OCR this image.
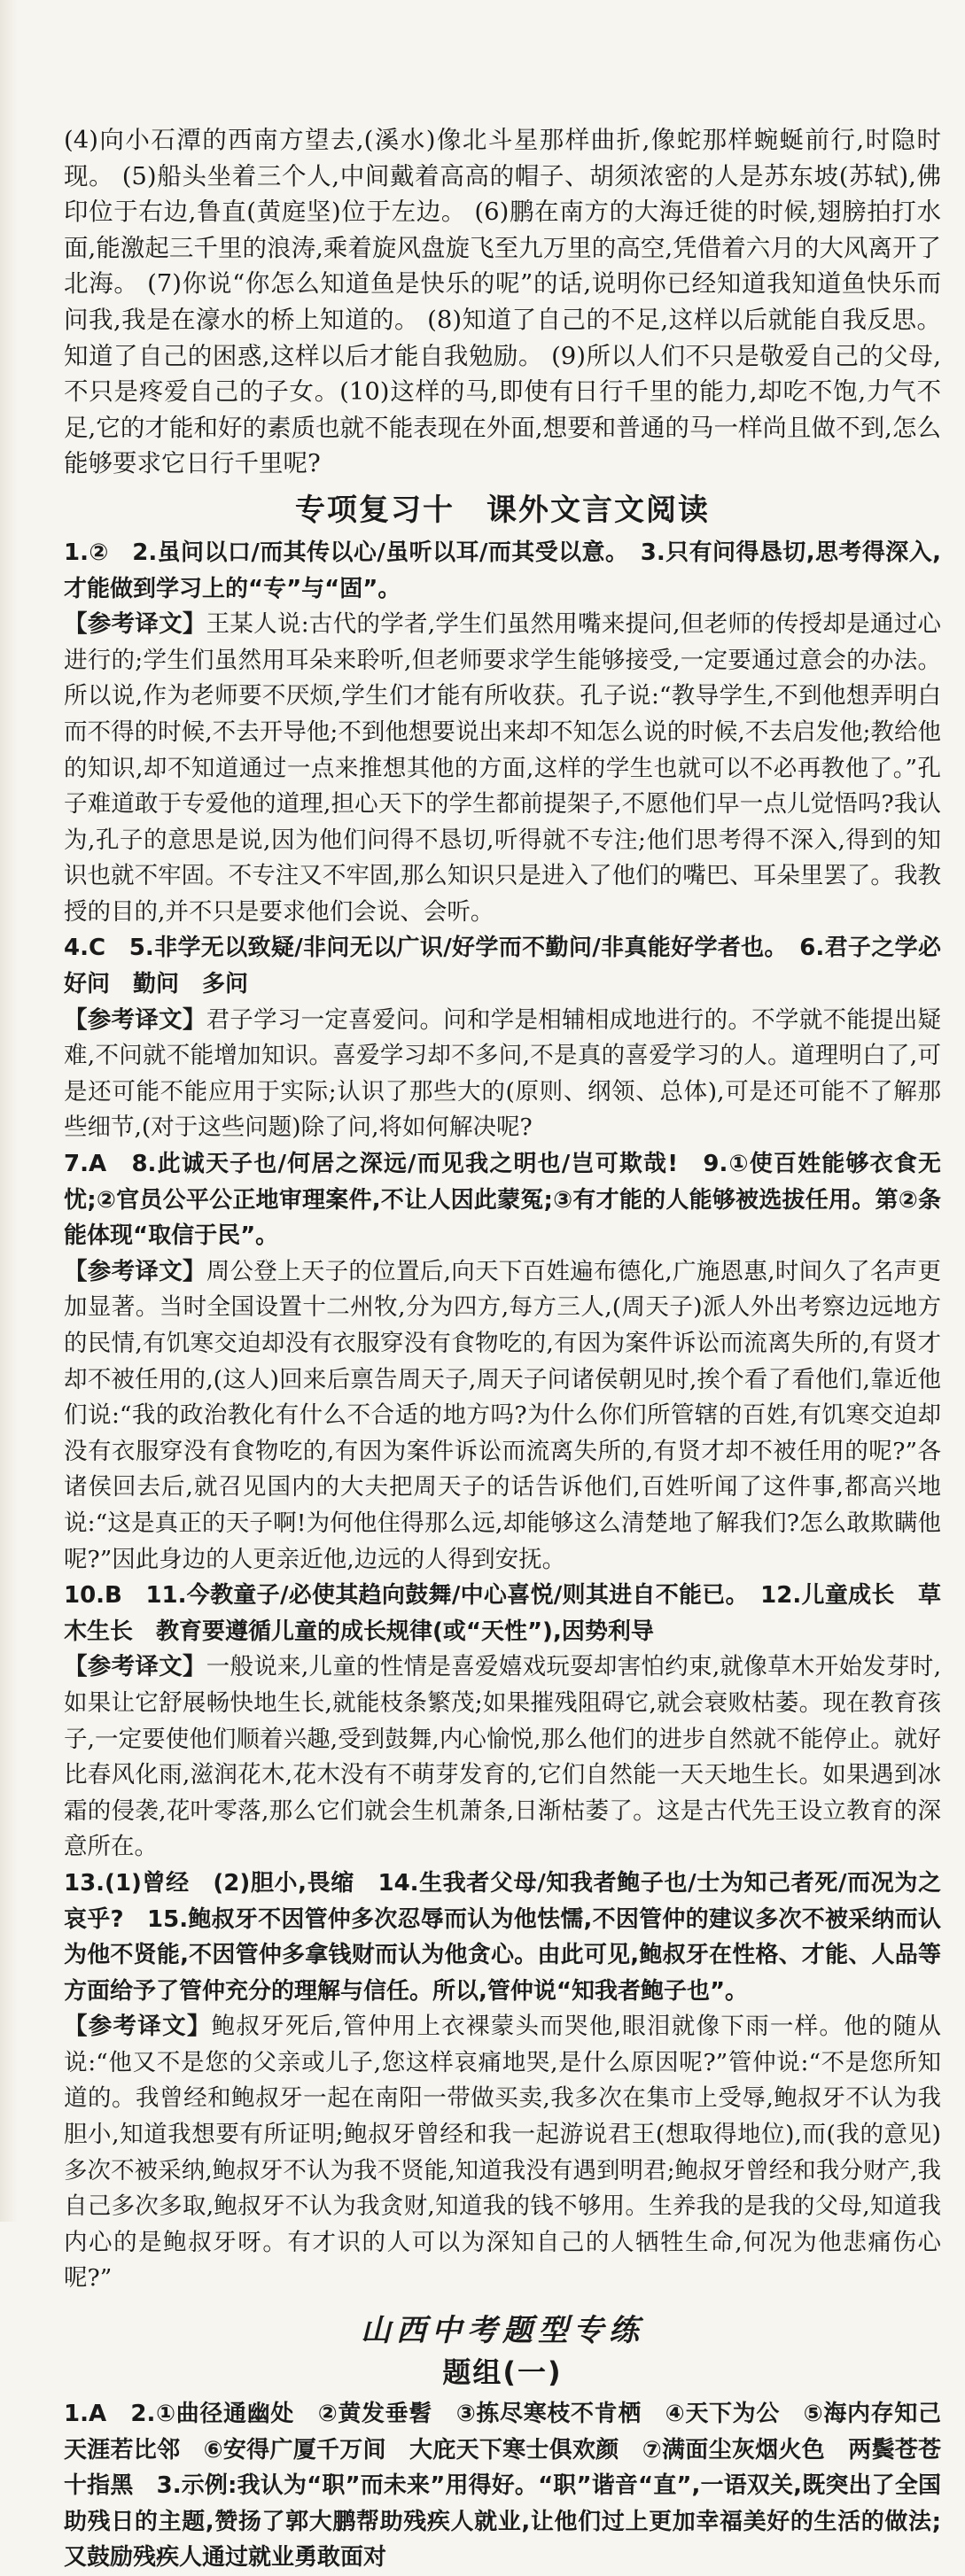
(4)向小石潭的西南方望去,(溪水)像北斗星那样曲折,像蛇那样蜿蜒前行,时隐时现。 (5)船头坐着三个人,中间戴着高高的帽子、胡须浓密的人是苏东坡(苏轼),佛印位于右边,鲁直(黄庭坚)位于左边。 (6)鹏在南方的大海迁徙的时候,翅膀拍打水面,能激起三千里的浪涛,乘着旋风盘旋飞至九万里的高空,凭借着六月的大风离开了北海。 (7)你说“你怎么知道鱼是快乐的呢”的话,说明你已经知道我知道鱼快乐而问我,我是在濠水的桥上知道的。 (8)知道了自己的不足,这样以后就能自我反思。知道了自己的困惑,这样以后才能自我勉励。 (9)所以人们不只是敬爱自己的父母,不只是疼爱自己的子女。(10)这样的马,即使有日行千里的能力,却吃不饱,力气不足,它的才能和好的素质也就不能表现在外面,想要和普通的马一样尚且做不到,怎么能够要求它日行千里呢?

专项复习十　课外文言文阅读

1.②　2.虽问以口/而其传以心/虽听以耳/而其受以意。　3.只有问得恳切,思考得深入,才能做到学习上的“专”与“固”。

【参考译文】王某人说:古代的学者,学生们虽然用嘴来提问,但老师的传授却是通过心进行的;学生们虽然用耳朵来聆听,但老师要求学生能够接受,一定要通过意会的办法。所以说,作为老师要不厌烦,学生们才能有所收获。孔子说:“教导学生,不到他想弄明白而不得的时候,不去开导他;不到他想要说出来却不知怎么说的时候,不去启发他;教给他的知识,却不知道通过一点来推想其他的方面,这样的学生也就可以不必再教他了。”孔子难道敢于专爱他的道理,担心天下的学生都前提架子,不愿他们早一点儿觉悟吗?我认为,孔子的意思是说,因为他们问得不恳切,听得就不专注;他们思考得不深入,得到的知识也就不牢固。不专注又不牢固,那么知识只是进入了他们的嘴巴、耳朵里罢了。我教授的目的,并不只是要求他们会说、会听。

4.C　5.非学无以致疑/非问无以广识/好学而不勤问/非真能好学者也。　6.君子之学必好问　勤问　多问

【参考译文】君子学习一定喜爱问。问和学是相辅相成地进行的。不学就不能提出疑难,不问就不能增加知识。喜爱学习却不多问,不是真的喜爱学习的人。道理明白了,可是还可能不能应用于实际;认识了那些大的(原则、纲领、总体),可是还可能不了解那些细节,(对于这些问题)除了问,将如何解决呢?

7.A　8.此诚天子也/何居之深远/而见我之明也/岂可欺哉!　9.①使百姓能够衣食无忧;②官员公平公正地审理案件,不让人因此蒙冤;③有才能的人能够被选拔任用。第②条能体现“取信于民”。

【参考译文】周公登上天子的位置后,向天下百姓遍布德化,广施恩惠,时间久了名声更加显著。当时全国设置十二州牧,分为四方,每方三人,(周天子)派人外出考察边远地方的民情,有饥寒交迫却没有衣服穿没有食物吃的,有因为案件诉讼而流离失所的,有贤才却不被任用的,(这人)回来后禀告周天子,周天子问诸侯朝见时,挨个看了看他们,靠近他们说:“我的政治教化有什么不合适的地方吗?为什么你们所管辖的百姓,有饥寒交迫却没有衣服穿没有食物吃的,有因为案件诉讼而流离失所的,有贤才却不被任用的呢?”各诸侯回去后,就召见国内的大夫把周天子的话告诉他们,百姓听闻了这件事,都高兴地说:“这是真正的天子啊!为何他住得那么远,却能够这么清楚地了解我们?怎么敢欺瞒他呢?”因此身边的人更亲近他,边远的人得到安抚。

10.B　11.今教童子/必使其趋向鼓舞/中心喜悦/则其进自不能已。　12.儿童成长　草木生长　教育要遵循儿童的成长规律(或“天性”),因势利导

【参考译文】一般说来,儿童的性情是喜爱嬉戏玩耍却害怕约束,就像草木开始发芽时,如果让它舒展畅快地生长,就能枝条繁茂;如果摧残阻碍它,就会衰败枯萎。现在教育孩子,一定要使他们顺着兴趣,受到鼓舞,内心愉悦,那么他们的进步自然就不能停止。就好比春风化雨,滋润花木,花木没有不萌芽发育的,它们自然能一天天地生长。如果遇到冰霜的侵袭,花叶零落,那么它们就会生机萧条,日渐枯萎了。这是古代先王设立教育的深意所在。

13.(1)曾经　(2)胆小,畏缩　14.生我者父母/知我者鲍子也/士为知己者死/而况为之哀乎?　15.鲍叔牙不因管仲多次忍辱而认为他怯懦,不因管仲的建议多次不被采纳而认为他不贤能,不因管仲多拿钱财而认为他贪心。由此可见,鲍叔牙在性格、才能、人品等方面给予了管仲充分的理解与信任。所以,管仲说“知我者鲍子也”。

【参考译文】鲍叔牙死后,管仲用上衣裸蒙头而哭他,眼泪就像下雨一样。他的随从说:“他又不是您的父亲或儿子,您这样哀痛地哭,是什么原因呢?”管仲说:“不是您所知道的。我曾经和鲍叔牙一起在南阳一带做买卖,我多次在集市上受辱,鲍叔牙不认为我胆小,知道我想要有所证明;鲍叔牙曾经和我一起游说君王(想取得地位),而(我的意见)多次不被采纳,鲍叔牙不认为我不贤能,知道我没有遇到明君;鲍叔牙曾经和我分财产,我自己多次多取,鲍叔牙不认为我贪财,知道我的钱不够用。生养我的是我的父母,知道我内心的是鲍叔牙呀。有才识的人可以为深知自己的人牺牲生命,何况为他悲痛伤心呢?”

山西中考题型专练
题组(一)

1.A　2.①曲径通幽处　②黄发垂髫　③拣尽寒枝不肯栖　④天下为公　⑤海内存知己　天涯若比邻　⑥安得广厦千万间　大庇天下寒士俱欢颜　⑦满面尘灰烟火色　两鬓苍苍十指黑　3.示例:我认为“职”而未来”用得好。“职”谐音“直”,一语双关,既突出了全国助残日的主题,赞扬了郭大鹏帮助残疾人就业,让他们过上更加幸福美好的生活的做法;又鼓励残疾人通过就业勇敢面对
